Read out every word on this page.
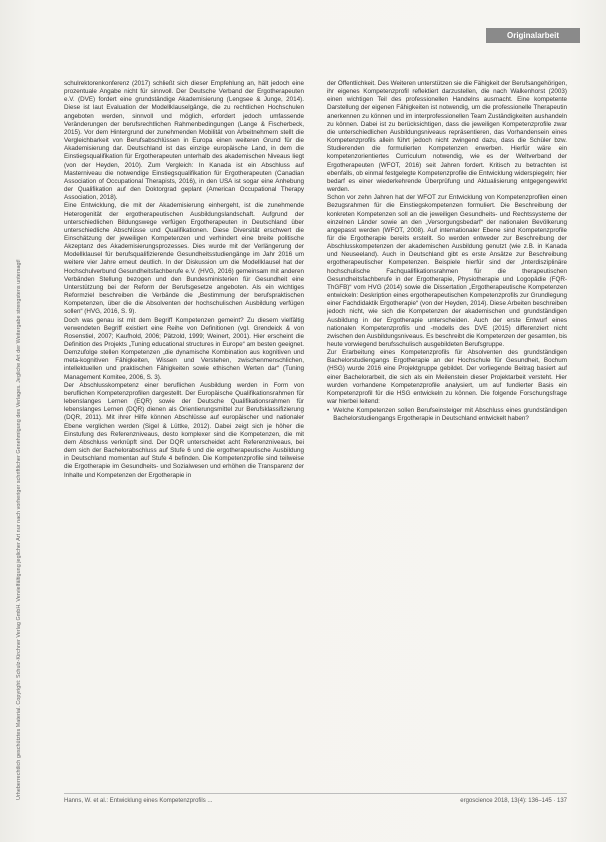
Urheberrechtlich geschütztes Material. Copyright: Schulz-Kirchner Verlag GmbH. Vervielfältigung jeglicher Art nur nach vorheriger schriftlicher Genehmigung des Verlages. Jegliche Art der Weitergabe strengstens untersagt!
Originalarbeit

schulrektorenkonferenz (2017) schließt sich dieser Empfehlung an, hält jedoch eine prozentuale Angabe nicht für sinnvoll. Der Deutsche Verband der Ergotherapeuten e.V. (DVE) fordert eine grundständige Akademisierung (Lengsee & Junge, 2014). Diese ist laut Evaluation der Modellklauselgänge, die zu rechtlichen Hochschulen angeboten werden, sinnvoll und möglich, erfordert jedoch umfassende Veränderungen der berufsrechtlichen Rahmenbedingungen (Lange & Fischerbeck, 2015). Vor dem Hintergrund der zunehmenden Mobilität von Arbeitnehmern stellt die Vergleichbarkeit von Berufsabschlüssen in Europa einen weiteren Grund für die Akademisierung dar. Deutschland ist das einzige europäische Land, in dem die Einstiegsqualifikation für Ergotherapeuten unterhalb des akademischen Niveaus liegt (von der Heyden, 2010). Zum Vergleich: In Kanada ist ein Abschluss auf Masterniveau die notwendige Einstiegsqualifikation für Ergotherapeuten (Canadian Association of Occupational Therapists, 2016), in den USA ist sogar eine Anhebung der Qualifikation auf den Doktorgrad geplant (American Occupational Therapy Association, 2018).

Eine Entwicklung, die mit der Akademisierung einhergeht, ist die zunehmende Heterogenität der ergotherapeutischen Ausbildungslandschaft. Aufgrund der unterschiedlichen Bildungswege verfügen Ergotherapeuten in Deutschland über unterschiedliche Abschlüsse und Qualifikationen. Diese Diversität erschwert die Einschätzung der jeweiligen Kompetenzen und verhindert eine breite politische Akzeptanz des Akademisierungsprozesses. Dies wurde mit der Verlängerung der Modellklausel für berufsqualifizierende Gesundheitsstudiengänge im Jahr 2016 um weitere vier Jahre erneut deutlich. In der Diskussion um die Modellklausel hat der Hochschulverbund Gesundheitsfachberufe e.V. (HVG, 2016) gemeinsam mit anderen Verbänden Stellung bezogen und den Bundesministerien für Gesundheit eine Unterstützung bei der Reform der Berufsgesetze angeboten. Als ein wichtiges Reformziel beschreiben die Verbände die „Bestimmung der berufspraktischen Kompetenzen, über die die Absolventen der hochschulischen Ausbildung verfügen sollen“ (HVG, 2016, S. 9).

Doch was genau ist mit dem Begriff Kompetenzen gemeint? Zu diesem vielfältig verwendeten Begriff existiert eine Reihe von Definitionen (vgl. Grendeick & von Rosenstiel, 2007; Kaufhold, 2006; Pätzold, 1999; Weinert, 2001). Hier erscheint die Definition des Projekts „Tuning educational structures in Europe“ am besten geeignet. Demzufolge stellen Kompetenzen „die dynamische Kombination aus kognitiven und meta-kognitiven Fähigkeiten, Wissen und Verstehen, zwischenmenschlichen, intellektuellen und praktischen Fähigkeiten sowie ethischen Werten dar“ (Tuning Management Komitee, 2006, S. 3).

Der Abschlusskompetenz einer beruflichen Ausbildung werden in Form von beruflichen Kompetenzprofilen dargestellt. Der Europäische Qualifikationsrahmen für lebenslanges Lernen (EQR) sowie der Deutsche Qualifikationsrahmen für lebenslanges Lernen (DQR) dienen als Orientierungsmittel zur Berufsklassifizierung (DQR, 2011). Mit ihrer Hilfe können Abschlüsse auf europäischer und nationaler Ebene verglichen werden (Sigel & Lüttke, 2012). Dabei zeigt sich je höher die Einstufung des Referenzniveaus, desto komplexer sind die Kompetenzen, die mit dem Abschluss verknüpft sind. Der DQR unterscheidet acht Referenzniveaus, bei dem sich der Bachelorabschluss auf Stufe 6 und die ergotherapeutische Ausbildung in Deutschland momentan auf Stufe 4 befinden. Die Kompetenzprofile sind teilweise die Ergotherapie im Gesundheits- und Sozialwesen und erhöhen die Transparenz der Inhalte und Kompetenzen der Ergotherapie in

der Öffentlichkeit. Des Weiteren unterstützen sie die Fähigkeit der Berufsangehörigen, ihr eigenes Kompetenzprofil reflektiert darzustellen, die nach Walkenhorst (2003) einen wichtigen Teil des professionellen Handelns ausmacht. Eine kompetente Darstellung der eigenen Fähigkeiten ist notwendig, um die professionelle Therapeutin anerkennen zu können und im interprofessionellen Team Zuständigkeiten aushandeln zu können. Dabei ist zu berücksichtigen, dass die jeweiligen Kompetenzprofile zwar die unterschiedlichen Ausbildungsniveaus repräsentieren, das Vorhandensein eines Kompetenzprofils allein führt jedoch nicht zwingend dazu, dass die Schüler bzw. Studierenden die formulierten Kompetenzen erwerben. Hierfür wäre ein kompetenzorientiertes Curriculum notwendig, wie es der Weltverband der Ergotherapeuten (WFOT, 2016) seit Jahren fordert. Kritisch zu betrachten ist ebenfalls, ob einmal festgelegte Kompetenzprofile die Entwicklung widerspiegeln; hier bedarf es einer wiederkehrende Überprüfung und Aktualisierung entgegengewirkt werden.

Schon vor zehn Jahren hat der WFOT zur Entwicklung von Kompetenzprofilen einen Bezugsrahmen für die Einstiegskompetenzen formuliert. Die Beschreibung der konkreten Kompetenzen soll an die jeweiligen Gesundheits- und Rechtssysteme der einzelnen Länder sowie an den „Versorgungsbedarf“ der nationalen Bevölkerung angepasst werden (WFOT, 2008). Auf internationaler Ebene sind Kompetenzprofile für die Ergotherapie bereits erstellt. So werden entweder zur Beschreibung der Abschlusskompetenzen der akademischen Ausbildung genutzt (wie z.B. in Kanada und Neuseeland). Auch in Deutschland gibt es erste Ansätze zur Beschreibung ergotherapeutischer Kompetenzen. Beispiele hierfür sind der „Interdisziplinäre hochschulische Fachqualifikationsrahmen für die therapeutischen Gesundheitsfachberufe in der Ergotherapie, Physiotherapie und Logopädie (FQR-ThGFB)“ vom HVG (2014) sowie die Dissertation „Ergotherapeutische Kompetenzen entwickeln: Deskription eines ergotherapeutischen Kompetenzprofils zur Grundlegung einer Fachdidaktik Ergotherapie“ (von der Heyden, 2014). Diese Arbeiten beschreiben jedoch nicht, wie sich die Kompetenzen der akademischen und grundständigen Ausbildung in der Ergotherapie unterscheiden. Auch der erste Entwurf eines nationalen Kompetenzprofils und -modells des DVE (2015) differenziert nicht zwischen den Ausbildungsniveaus. Es beschreibt die Kompetenzen der gesamten, bis heute vorwiegend berufsschulisch ausgebildeten Berufsgruppe.

Zur Erarbeitung eines Kompetenzprofils für Absolventen des grundständigen Bachelorstudiengangs Ergotherapie an der Hochschule für Gesundheit, Bochum (HSG) wurde 2016 eine Projektgruppe gebildet. Der vorliegende Beitrag basiert auf einer Bachelorarbeit, die sich als ein Meilenstein dieser Projektarbeit versteht. Hier wurden vorhandene Kompetenzprofile analysiert, um auf fundierter Basis ein Kompetenzprofil für die HSG entwickeln zu können. Die folgende Forschungsfrage war hierbei leitend:

• Welche Kompetenzen sollen Berufseinsteiger mit Abschluss eines grundständigen Bachelorstudiengangs Ergotherapie in Deutschland entwickelt haben?
Hanns, W. et al.: Entwicklung eines Kompetenzprofils ...	ergoscience 2018, 13(4): 136–145 · 137
